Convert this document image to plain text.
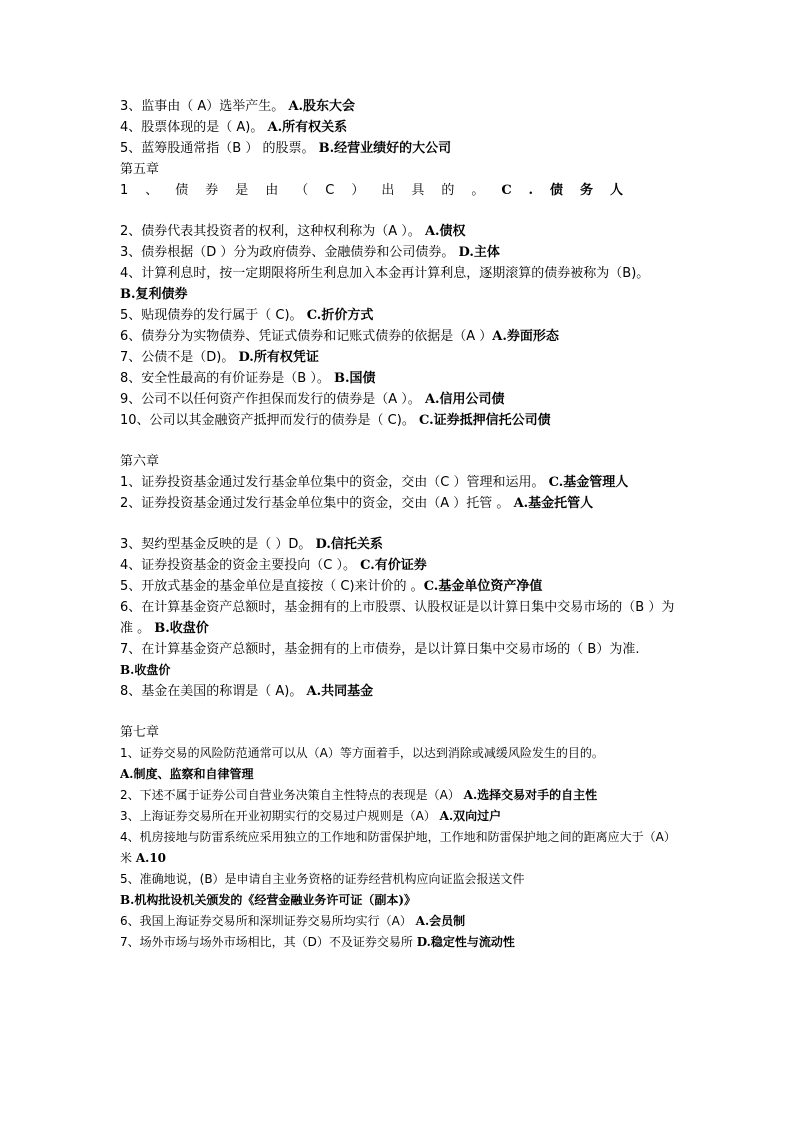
3、监事由（ A）选举产生。 A.股东大会
4、股票体现的是（ A)。 A.所有权关系
5、蓝筹股通常指（B ） 的股票。 B.经营业绩好的大公司
第五章
1、债券是由（C）出具的。C.债务人
2、债券代表其投资者的权利，这种权利称为（A ）。 A.债权
3、债券根据（D ）分为政府债券、金融债券和公司债券。 D.主体
4、计算利息时，按一定期限将所生利息加入本金再计算利息，逐期滚算的债券被称为（B)。
B.复利债券
5、贴现债券的发行属于（ C)。 C.折价方式
6、债券分为实物债券、凭证式债券和记账式债券的依据是（A ）A.券面形态
7、公债不是（D)。 D.所有权凭证
8、安全性最高的有价证券是（B ）。 B.国债
9、公司不以任何资产作担保而发行的债券是（A ）。 A.信用公司债
10、公司以其金融资产抵押而发行的债券是（ C)。 C.证券抵押信托公司债
第六章
1、证券投资基金通过发行基金单位集中的资金，交由（C ）管理和运用。 C.基金管理人
2、证券投资基金通过发行基金单位集中的资金，交由（A ）托管 。 A.基金托管人
3、契约型基金反映的是（ ）D。 D.信托关系
4、证券投资基金的资金主要投向（C ）。 C.有价证券
5、开放式基金的基金单位是直接按（ C)来计价的 。C.基金单位资产净值
6、在计算基金资产总额时，基金拥有的上市股票、认股权证是以计算日集中交易市场的（B ）为准 。 B.收盘价
7、在计算基金资产总额时，基金拥有的上市债券，是以计算日集中交易市场的（ B）为准.
B.收盘价
8、基金在美国的称谓是（ A)。 A.共同基金
第七章
1、证券交易的风险防范通常可以从（A）等方面着手，以达到消除或减缓风险发生的目的。
A.制度、监察和自律管理
2、下述不属于证券公司自营业务决策自主性特点的表现是（A） A.选择交易对手的自主性
3、上海证券交易所在开业初期实行的交易过户规则是（A） A.双向过户
4、机房接地与防雷系统应采用独立的工作地和防雷保护地，工作地和防雷保护地之间的距离应大于（A）米 A.10
5、准确地说，(B）是申请自主业务资格的证券经营机构应向证监会报送文件
B.机构批设机关颁发的《经营金融业务许可证（副本)》
6、我国上海证券交易所和深圳证券交易所均实行（A） A.会员制
7、场外市场与场外市场相比，其（D）不及证券交易所 D.稳定性与流动性
